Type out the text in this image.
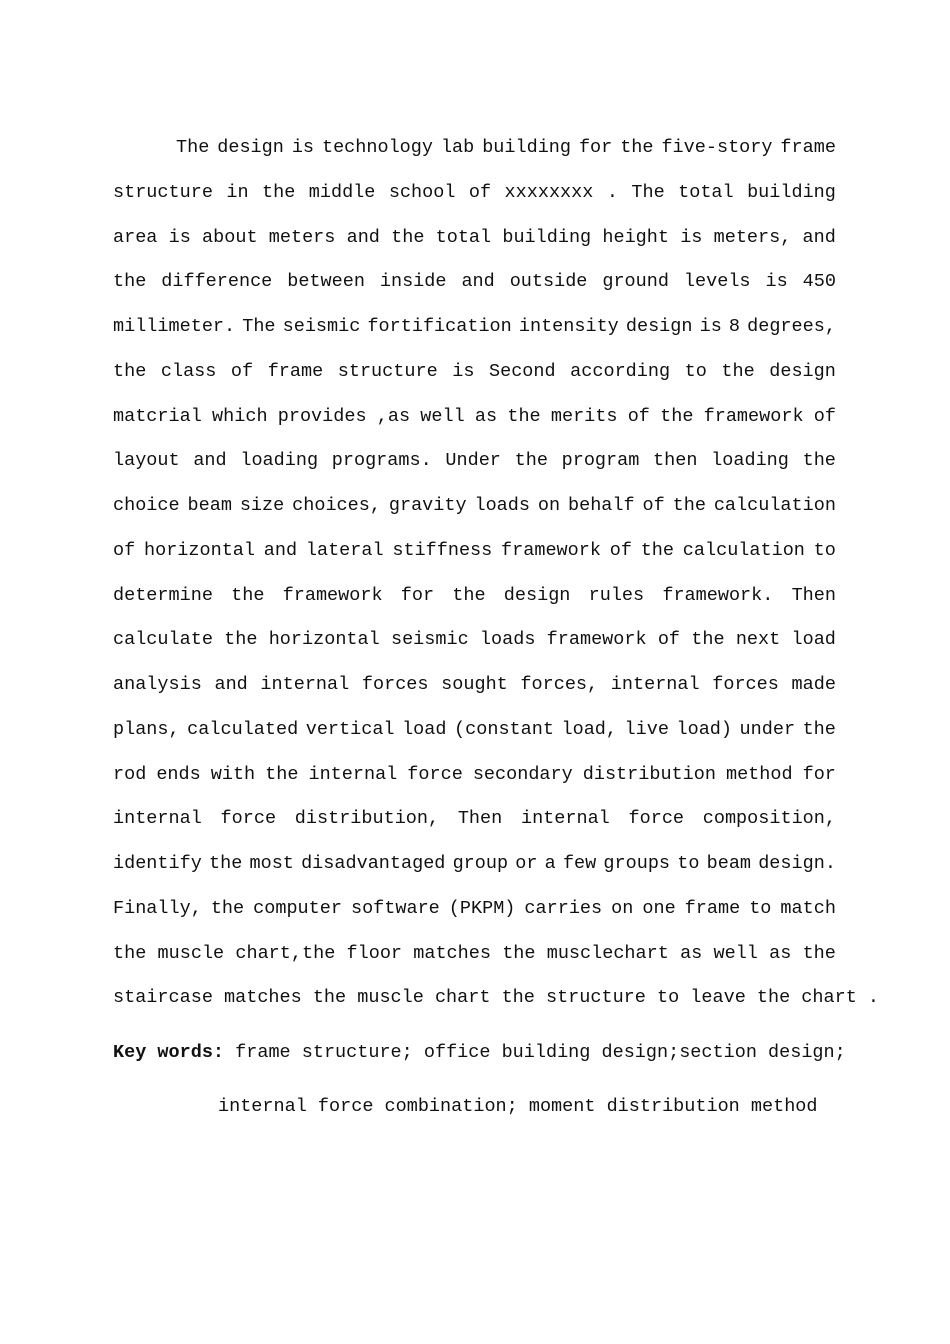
The design is technology lab building for the five-story frame
structure in the middle school of xxxxxxxx . The total building
area is about meters and the total building height is meters, and
the difference between inside and outside ground levels is 450
millimeter. The seismic fortification intensity design is 8 degrees,
the class of frame structure is Second according to the design
matcrial which provides ,as well as the merits of the framework of
layout and loading programs. Under the program then loading the
choice beam size choices, gravity loads on behalf of the calculation
of horizontal and lateral stiffness framework of the calculation to
determine the framework for the design rules framework. Then
calculate the horizontal seismic loads framework of the next load
analysis and internal forces sought forces, internal forces made
plans, calculated vertical load (constant load, live load) under the
rod ends with the internal force secondary distribution method for
internal force distribution, Then internal force composition,
identify the most disadvantaged group or a few groups to beam design.
Finally, the computer software (PKPM) carries on one frame to match
the muscle chart,the floor matches the musclechart as well as the
staircase matches the muscle chart the structure to leave the chart .
Key words: frame structure; office building design;section design;
internal force combination; moment distribution method
